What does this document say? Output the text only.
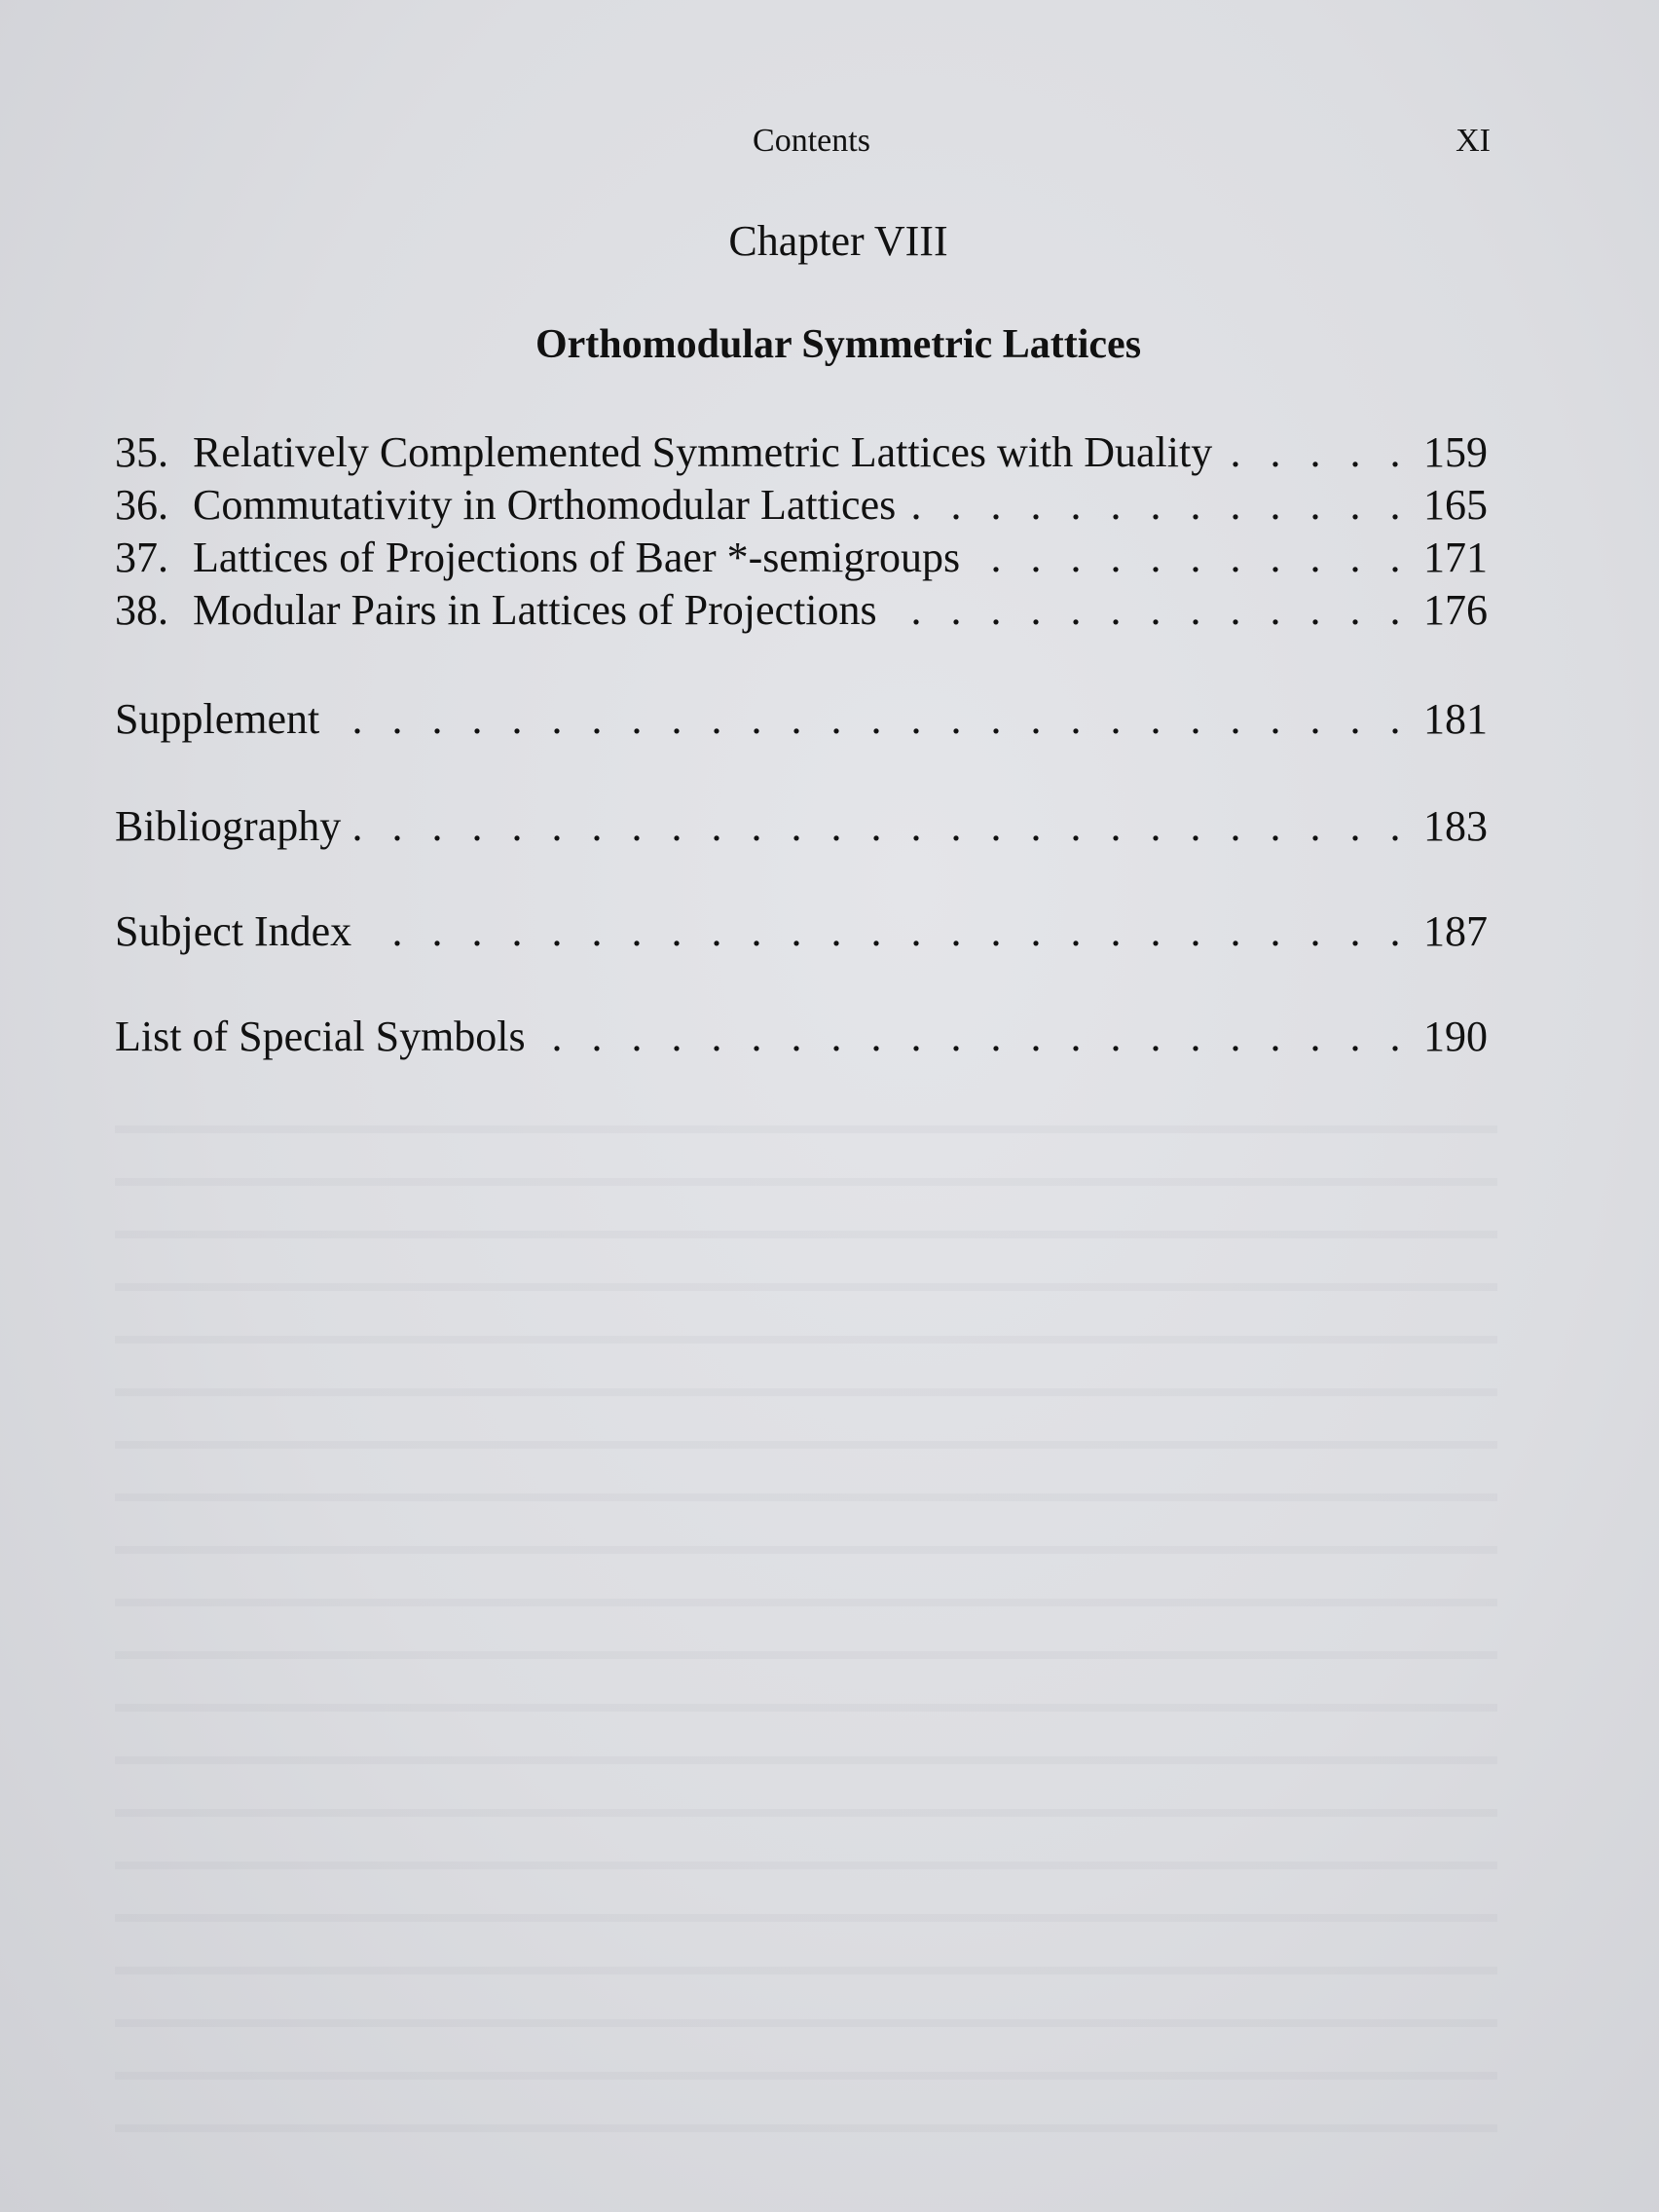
Contents	XI
Chapter VIII
Orthomodular Symmetric Lattices
35. Relatively Complemented Symmetric Lattices with Duality . . .	159
36. Commutativity in Orthomodular Lattices . . .	165
37. Lattices of Projections of Baer *-semigroups . . .	171
38. Modular Pairs in Lattices of Projections . . .	176
Supplement . . .	181
Bibliography . . .	183
Subject Index . . .	187
List of Special Symbols . . .	190
